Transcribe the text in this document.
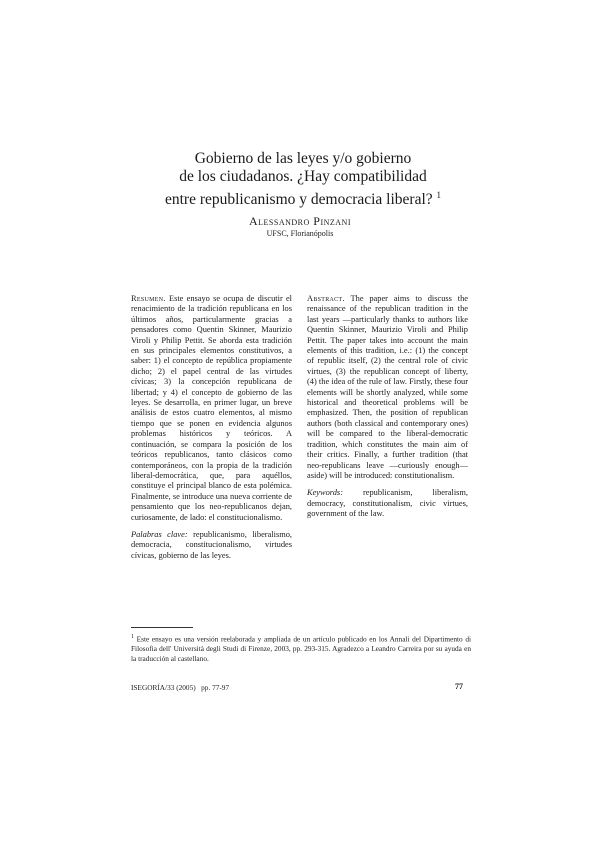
Gobierno de las leyes y/o gobierno
de los ciudadanos. ¿Hay compatibilidad
entre republicanismo y democracia liberal? $^1$
Alessandro Pinzani
UFSC, Florianópolis

Resumen. Este ensayo se ocupa de discutir el renacimiento de la tradición republicana en los últimos años, particularmente gracias a pensadores como Quentin Skinner, Maurizio Viroli y Philip Pettit. Se aborda esta tradición en sus principales elementos constitutivos, a saber: 1) el concepto de república propiamente dicho; 2) el papel central de las virtudes cívicas; 3) la concepción republicana de libertad; y 4) el concepto de gobierno de las leyes. Se desarrolla, en primer lugar, un breve análisis de estos cuatro elementos, al mismo tiempo que se ponen en evidencia algunos problemas históricos y teóricos. A continuación, se compara la posición de los teóricos republicanos, tanto clásicos como contemporáneos, con la propia de la tradición liberal-democrática, que, para aquéllos, constituye el principal blanco de esta polémica. Finalmente, se introduce una nueva corriente de pensamiento que los neo-republicanos dejan, curiosamente, de lado: el constitucionalismo.

Palabras clave: republicanismo, liberalismo, democracia, constitucionalismo, virtudes cívicas, gobierno de las leyes.

Abstract. The paper aims to discuss the renaissance of the republican tradition in the last years —particularly thanks to authors like Quentin Skinner, Maurizio Viroli and Philip Pettit. The paper takes into account the main elements of this tradition, i.e.: (1) the concept of republic itself, (2) the central role of civic virtues, (3) the republican concept of liberty, (4) the idea of the rule of law. Firstly, these four elements will be shortly analyzed, while some historical and theoretical problems will be emphasized. Then, the position of republican authors (both classical and contemporary ones) will be compared to the liberal-democratic tradition, which constitutes the main aim of their critics. Finally, a further tradition (that neo-republicans leave —curiously enough— aside) will be introduced: constitutionalism.

Keywords: republicanism, liberalism, democracy, constitutionalism, civic virtues, government of the law.

$^1$ Este ensayo es una versión reelaborada y ampliada de un artículo publicado en los Annali del Dipartimento di Filosofia dell' Università degli Studi di Firenze, 2003, pp. 293-315. Agradezco a Leandro Carreira por su ayuda en la traducción al castellano.
ISEGORÍA/33 (2005)   pp. 77-97	77
